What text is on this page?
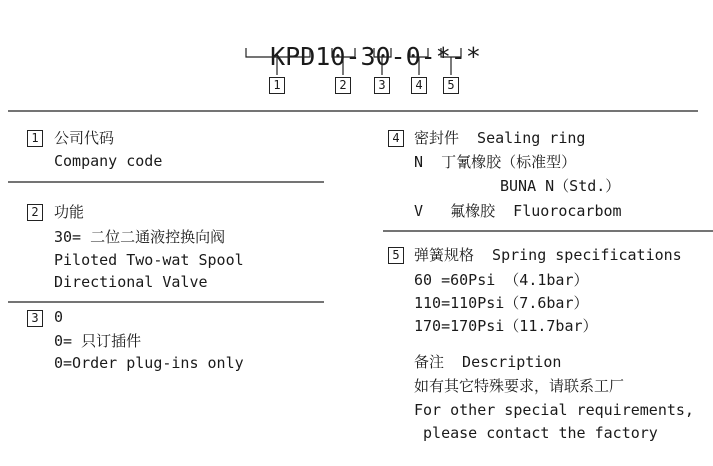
KPD10-30-0-*-*

1	2	3	4	5
1 公司代码
Company code
2 功能
30= 二位二通液控换向阀
Piloted Two-wat Spool
Directional Valve
3 0
0= 只订插件
0=Order plug-ins only
4 密封件  Sealing ring
N  丁氰橡胶（标准型）
BUNA N（Std.）
V   氟橡胶  Fluorocarbom
5 弹簧规格  Spring specifications
60 =60Psi （4.1bar）
110=110Psi（7.6bar）
170=170Psi（11.7bar）
备注  Description
如有其它特殊要求，请联系工厂
For other special requirements,
please contact the factory
